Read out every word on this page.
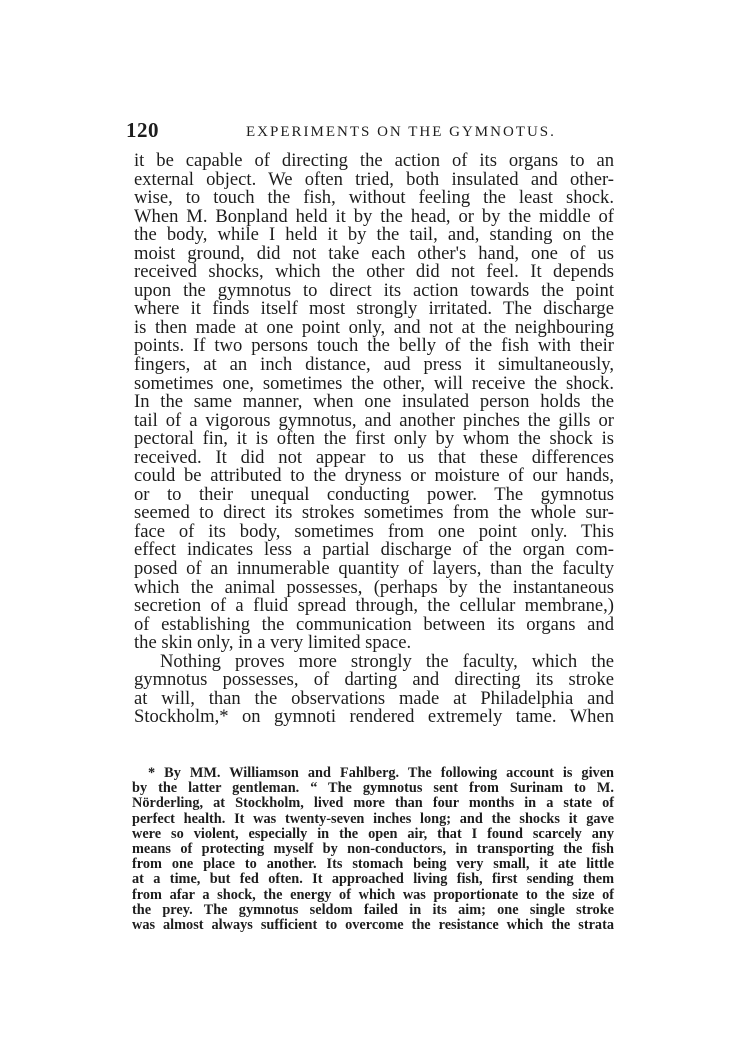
120	EXPERIMENTS ON THE GYMNOTUS.
it be capable of directing the action of its organs to an
external object. We often tried, both insulated and other-
wise, to touch the fish, without feeling the least shock.
When M. Bonpland held it by the head, or by the middle of
the body, while I held it by the tail, and, standing on the
moist ground, did not take each other's hand, one of us
received shocks, which the other did not feel. It depends
upon the gymnotus to direct its action towards the point
where it finds itself most strongly irritated. The discharge
is then made at one point only, and not at the neighbouring
points. If two persons touch the belly of the fish with their
fingers, at an inch distance, aud press it simultaneously,
sometimes one, sometimes the other, will receive the shock.
In the same manner, when one insulated person holds the
tail of a vigorous gymnotus, and another pinches the gills or
pectoral fin, it is often the first only by whom the shock is
received. It did not appear to us that these differences
could be attributed to the dryness or moisture of our hands,
or to their unequal conducting power. The gymnotus
seemed to direct its strokes sometimes from the whole sur-
face of its body, sometimes from one point only. This
effect indicates less a partial discharge of the organ com-
posed of an innumerable quantity of layers, than the faculty
which the animal possesses, (perhaps by the instantaneous
secretion of a fluid spread through, the cellular membrane,)
of establishing the communication between its organs and
the skin only, in a very limited space.
Nothing proves more strongly the faculty, which the
gymnotus possesses, of darting and directing its stroke
at will, than the observations made at Philadelphia and
Stockholm,* on gymnoti rendered extremely tame. When
* By MM. Williamson and Fahlberg. The following account is given
by the latter gentleman. “ The gymnotus sent from Surinam to M.
Nörderling, at Stockholm, lived more than four months in a state of
perfect health. It was twenty-seven inches long; and the shocks it gave
were so violent, especially in the open air, that I found scarcely any
means of protecting myself by non-conductors, in transporting the fish
from one place to another. Its stomach being very small, it ate little
at a time, but fed often. It approached living fish, first sending them
from afar a shock, the energy of which was proportionate to the size of
the prey. The gymnotus seldom failed in its aim; one single stroke
was almost always sufficient to overcome the resistance which the strata
